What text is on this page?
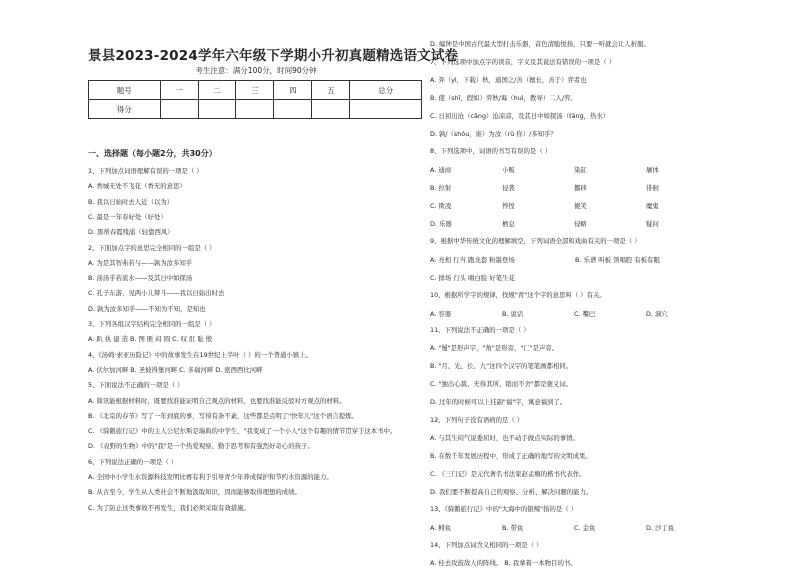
景县2023-2024学年六年级下学期小升初真题精选语文试卷
考生注意：满分100分，时间90分钟
题号	一	二	三	四	五	总分
得分						
一、选择题（每小题2分，共30分）
1、下列加点词语理解有误的一项是（ ）
A. 香城无处不飞花（香无的意思）
B. 我以日始时去人近（以为）
C. 最是一年春好处（好处）
D. 黑蒂春霞残浦（轻靠西风）
2、下面加点字的意思完全相同的一组是（ ）
A. 为是其智弗若与——孰为汝多知乎
B. 汤汤乎若流水——及其日中如探汤
C. 孔子东游，见两小儿辩斗——我以日始出时去
D. 孰为汝多知乎——不知为不知，是知也
3、下列各组汉字结构完全相同的一组是（ ）
A. 趴 执 建 造 B. 图 匪 闷 圆 C. 叹 肛 耻 殷
4、《汤姆·索亚历险记》中的故事发生在19世纪上半叶（ ）的一个普通小镇上。
A. 伏尔加河畔 B. 圣彼得堡河畔 C. 多瑙河畔 D. 密西西比河畔
5、下面说法不正确的一项是（ ）
A. 简讯能根据材料时，既要找准能证明自己观点的材料，也要找准能反驳对方观点的材料。
B. 《北京的春节》写了一年到底的事，写得有条不紊，这些都是点明了"快年儿"这个语言提炼。
C. 《骑鹅旅行记》中的主人公尼尔斯是瑞典的中学生，"我变成了一个小人"这个有趣的情节贯穿于这本书中。
D. 《袁野的生物》中的"我"是一个热爱观察、勤于思考和有强烈好奇心的孩子。
6、下列说法正确的一项是（ ）
A. 全国中小学生水资源科技发明比赛有利于引导青少年养成保护和节约水资源的能力。
B. 从古至今，学生从人类社会不断地汲取知识，因而能够取得理想的成绩。
C. 为了防止这类事故不再发生，我们必须采取有效措施。
D. 编钟是中国古代最大型打击乐器，音色清脆悦扬，只要一听就会让人折服。
7、下列选项中加点字的读音，字义及其说法有错误的一项是（ ）
A. 奔（yì，下载）秋，通国之/善（擅长，善于）弈者也
B. 使（shǐ，假如）弈秋/诲（huì，教导）二人/弈。
C. 日初出沧（cāng）沧凉凉，及其日中如探汤（tāng，热水）
D. 孰/（shóu，谁）为汝（rǔ 你）/多知乎？
8、下列选项中，词语的书写有误的是（ ）
A. 通商	小贩	染缸	屠体
B. 拉射	侵袭	挪移	徘徊
C. 欺凌	悴惶	傻笑	魔鬼
D. 乐器	栖息	侵略	疑问
9、根据中华传统文化的理解填空，下列词语全部和戏曲有关的一项是（ ）
A. 亮相 行当 跑龙套 粉墨登场	B. 乐谱 叫板 领唱腔 有板有眼
C. 排场 行头 唱白脸 好笔生花
10、根据所学字的规律，找规"青"这个字的意思叫（ ）有关。
A. 容器	B. 说话	C. 嘴巴	D. 洞穴
11、下列说法不正确的一项是（ ）
A. "蜀"是形声字，"角"是形旁，"匚"是声旁。
B. "月、光、长、九"这四个汉字的笔笔画都相同。
C. "独出心裁、无得其所、销而不舍"都是褒义词。
D. 过年的时候可以上挂副"福"字，寓意福到了。
12、下列句子没有语病的是（ ）
A. 与其生闷气说委屈时，也不动手做点实际的事情。
B. 在数千年发展历程中，形成了正确的地写的文明成果。
C. 《三门记》是元代著名书法家赵孟頫的楷书代表作。
D. 我们要不断提高自己的观察、分析、解决问题的能力。
13、《骑鹅旅行记》中的"大海中的银鲸"指的是（ ）
A. 鲱鱼	B. 带鱼	C. 金鱼	D. 沙丁鱼
14、下列加点词含义相同的一项是（ ）
A. 桂去攻鼓敌人的阵线。 B. 我拿着一本物目的书。
